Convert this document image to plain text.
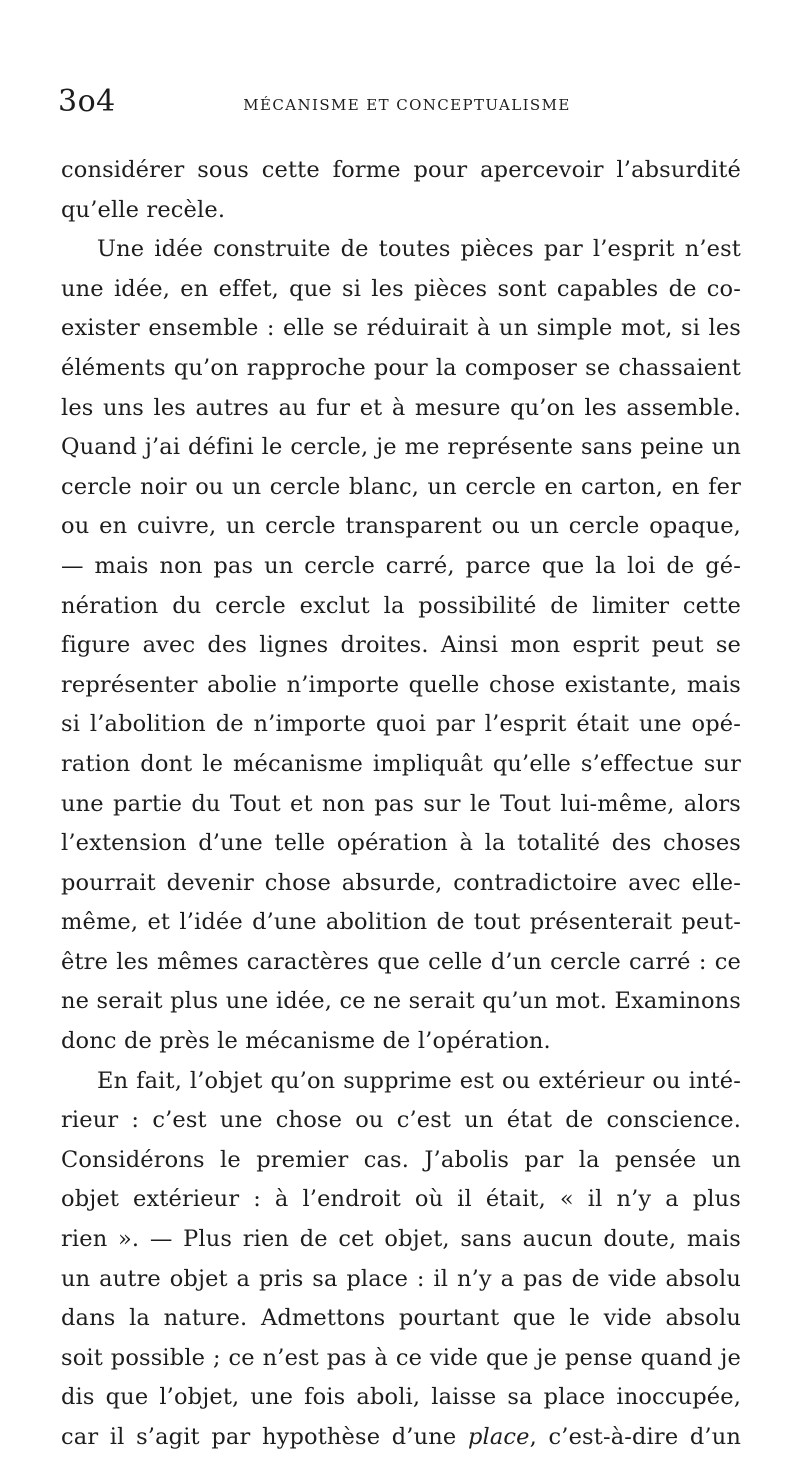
3o4	MÉCANISME ET CONCEPTUALISME
considérer sous cette forme pour apercevoir l’absurdité
qu’elle recèle.
Une idée construite de toutes pièces par l’esprit n’est
une idée, en effet, que si les pièces sont capables de co-
exister ensemble : elle se réduirait à un simple mot, si les
éléments qu’on rapproche pour la composer se chassaient
les uns les autres au fur et à mesure qu’on les assemble.
Quand j’ai défini le cercle, je me représente sans peine un
cercle noir ou un cercle blanc, un cercle en carton, en fer
ou en cuivre, un cercle transparent ou un cercle opaque,
— mais non pas un cercle carré, parce que la loi de gé-
nération du cercle exclut la possibilité de limiter cette
figure avec des lignes droites. Ainsi mon esprit peut se
représenter abolie n’importe quelle chose existante, mais
si l’abolition de n’importe quoi par l’esprit était une opé-
ration dont le mécanisme impliquât qu’elle s’effectue sur
une partie du Tout et non pas sur le Tout lui-même, alors
l’extension d’une telle opération à la totalité des choses
pourrait devenir chose absurde, contradictoire avec elle-
même, et l’idée d’une abolition de tout présenterait peut-
être les mêmes caractères que celle d’un cercle carré : ce
ne serait plus une idée, ce ne serait qu’un mot. Examinons
donc de près le mécanisme de l’opération.
En fait, l’objet qu’on supprime est ou extérieur ou inté-
rieur : c’est une chose ou c’est un état de conscience.
Considérons le premier cas. J’abolis par la pensée un
objet extérieur : à l’endroit où il était, « il n’y a plus
rien ». — Plus rien de cet objet, sans aucun doute, mais
un autre objet a pris sa place : il n’y a pas de vide absolu
dans la nature. Admettons pourtant que le vide absolu
soit possible ; ce n’est pas à ce vide que je pense quand je
dis que l’objet, une fois aboli, laisse sa place inoccupée,
car il s’agit par hypothèse d’une place, c’est-à-dire d’un
